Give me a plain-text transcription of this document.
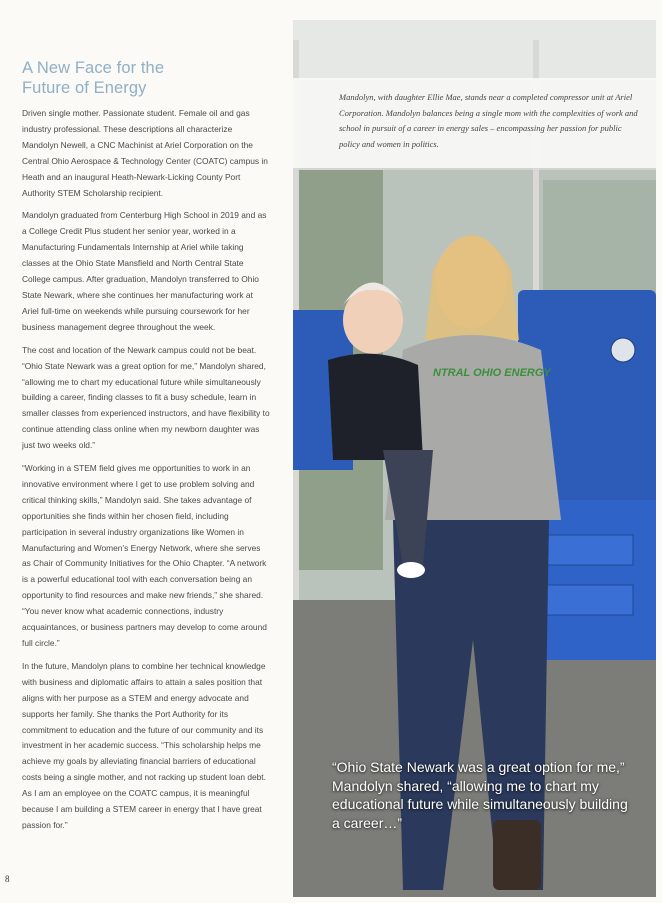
A New Face for the
Future of Energy

Driven single mother. Passionate student. Female oil and gas industry professional. These descriptions all characterize Mandolyn Newell, a CNC Machinist at Ariel Corporation on the Central Ohio Aerospace & Technology Center (COATC) campus in Heath and an inaugural Heath-Newark-Licking County Port Authority STEM Scholarship recipient.

Mandolyn graduated from Centerburg High School in 2019 and as a College Credit Plus student her senior year, worked in a Manufacturing Fundamentals Internship at Ariel while taking classes at the Ohio State Mansfield and North Central State College campus. After graduation, Mandolyn transferred to Ohio State Newark, where she continues her manufacturing work at Ariel full-time on weekends while pursuing coursework for her business management degree throughout the week.

The cost and location of the Newark campus could not be beat. “Ohio State Newark was a great option for me,” Mandolyn shared, “allowing me to chart my educational future while simultaneously building a career, finding classes to fit a busy schedule, learn in smaller classes from experienced instructors, and have flexibility to continue attending class online when my newborn daughter was just two weeks old.”

“Working in a STEM field gives me opportunities to work in an innovative environment where I get to use problem solving and critical thinking skills,” Mandolyn said. She takes advantage of opportunities she finds within her chosen field, including participation in several industry organizations like Women in Manufacturing and Women’s Energy Network, where she serves as Chair of Community Initiatives for the Ohio Chapter. “A network is a powerful educational tool with each conversation being an opportunity to find resources and make new friends,” she shared. “You never know what academic connections, industry acquaintances, or business partners may develop to come around full circle.”

In the future, Mandolyn plans to combine her technical knowledge with business and diplomatic affairs to attain a sales position that aligns with her purpose as a STEM and energy advocate and supports her family. She thanks the Port Authority for its commitment to education and the future of our community and its investment in her academic success. “This scholarship helps me achieve my goals by alleviating financial barriers of educational costs being a single mother, and not racking up student loan debt. As I am an employee on the COATC campus, it is meaningful because I am building a STEM career in energy that I have great passion for.”

8
NTRAL OHIO ENERGY
Mandolyn, with daughter Ellie Mae, stands near a completed compressor unit at Ariel Corporation. Mandolyn balances being a single mom with the complexities of work and school in pursuit of a career in energy sales – encompassing her passion for public policy and women in politics.
“Ohio State Newark was a great option for me,” Mandolyn shared, “allowing me to chart my educational future while simultaneously building a career…”
